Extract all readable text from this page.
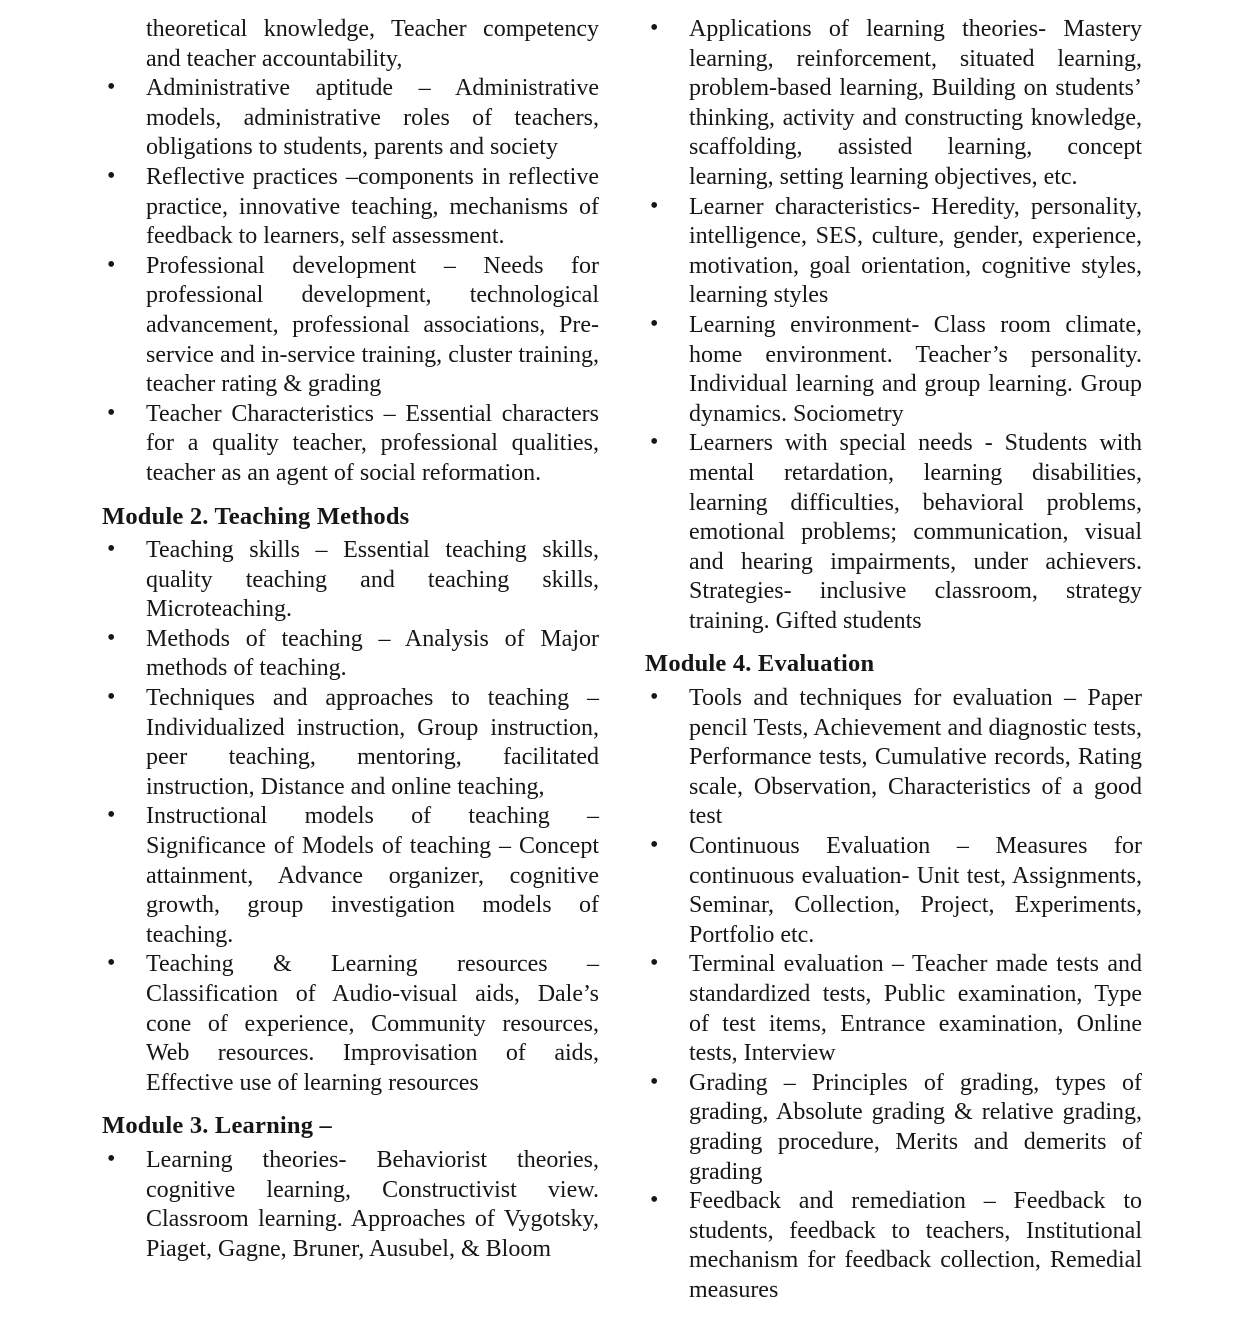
theoretical knowledge, Teacher competency and teacher accountability,
• Administrative aptitude – Administrative models, administrative roles of teachers, obligations to students, parents and society
• Reflective practices –components in reflective practice, innovative teaching, mechanisms of feedback to learners, self assessment.
• Professional development – Needs for professional development, technological advancement, professional associations, Pre-service and in-service training, cluster training, teacher rating & grading
• Teacher Characteristics – Essential characters for a quality teacher, professional qualities, teacher as an agent of social reformation.
Module 2. Teaching Methods
• Teaching skills – Essential teaching skills, quality teaching and teaching skills, Microteaching.
• Methods of teaching – Analysis of Major methods of teaching.
• Techniques and approaches to teaching – Individualized instruction, Group instruction, peer teaching, mentoring, facilitated instruction, Distance and online teaching,
• Instructional models of teaching – Significance of Models of teaching – Concept attainment, Advance organizer, cognitive growth, group investigation models of teaching.
• Teaching & Learning resources – Classification of Audio-visual aids, Dale’s cone of experience, Community resources, Web resources. Improvisation of aids, Effective use of learning resources
Module 3. Learning –
• Learning theories- Behaviorist theories, cognitive learning, Constructivist view. Classroom learning. Approaches of Vygotsky, Piaget, Gagne, Bruner, Ausubel, & Bloom
• Applications of learning theories- Mastery learning, reinforcement, situated learning, problem-based learning, Building on students’ thinking, activity and constructing knowledge, scaffolding, assisted learning, concept learning, setting learning objectives, etc.
• Learner characteristics- Heredity, personality, intelligence, SES, culture, gender, experience, motivation, goal orientation, cognitive styles, learning styles
• Learning environment- Class room climate, home environment. Teacher’s personality. Individual learning and group learning. Group dynamics. Sociometry
• Learners with special needs - Students with mental retardation, learning disabilities, learning difficulties, behavioral problems, emotional problems; communication, visual and hearing impairments, under achievers. Strategies- inclusive classroom, strategy training. Gifted students
Module 4. Evaluation
• Tools and techniques for evaluation – Paper pencil Tests, Achievement and diagnostic tests, Performance tests, Cumulative records, Rating scale, Observation, Characteristics of a good test
• Continuous Evaluation – Measures for continuous evaluation- Unit test, Assignments, Seminar, Collection, Project, Experiments, Portfolio etc.
• Terminal evaluation – Teacher made tests and standardized tests, Public examination, Type of test items, Entrance examination, Online tests, Interview
• Grading – Principles of grading, types of grading, Absolute grading & relative grading, grading procedure, Merits and demerits of grading
• Feedback and remediation – Feedback to students, feedback to teachers, Institutional mechanism for feedback collection, Remedial measures
